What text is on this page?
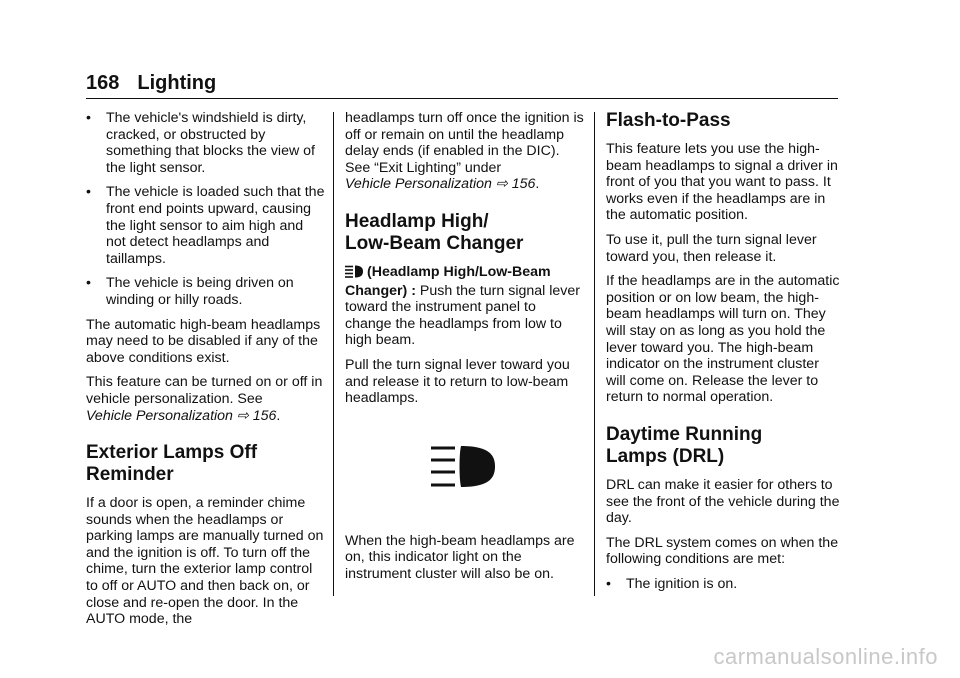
168 Lighting
• The vehicle's windshield is dirty, cracked, or obstructed by something that blocks the view of the light sensor.
• The vehicle is loaded such that the front end points upward, causing the light sensor to aim high and not detect headlamps and taillamps.
• The vehicle is being driven on winding or hilly roads.

The automatic high-beam headlamps may need to be disabled if any of the above conditions exist.

This feature can be turned on or off in vehicle personalization. See
Vehicle Personalization ⇨ 156.

Exterior Lamps Off
Reminder

If a door is open, a reminder chime sounds when the headlamps or parking lamps are manually turned on and the ignition is off. To turn off the chime, turn the exterior lamp control to off or AUTO and then back on, or close and re-open the door. In the AUTO mode, the

headlamps turn off once the ignition is off or remain on until the headlamp delay ends (if enabled in the DIC). See “Exit Lighting” under
Vehicle Personalization ⇨ 156.

Headlamp High/
Low-Beam Changer

(Headlamp High/Low-Beam Changer) : Push the turn signal lever toward the instrument panel to change the headlamps from low to high beam.

Pull the turn signal lever toward you and release it to return to low-beam headlamps.

When the high-beam headlamps are on, this indicator light on the instrument cluster will also be on.

Flash-to-Pass

This feature lets you use the high-beam headlamps to signal a driver in front of you that you want to pass. It works even if the headlamps are in the automatic position.

To use it, pull the turn signal lever toward you, then release it.

If the headlamps are in the automatic position or on low beam, the high-beam headlamps will turn on. They will stay on as long as you hold the lever toward you. The high-beam indicator on the instrument cluster will come on. Release the lever to return to normal operation.

Daytime Running
Lamps (DRL)

DRL can make it easier for others to see the front of the vehicle during the day.

The DRL system comes on when the following conditions are met:

• The ignition is on.
carmanualsonline.info
